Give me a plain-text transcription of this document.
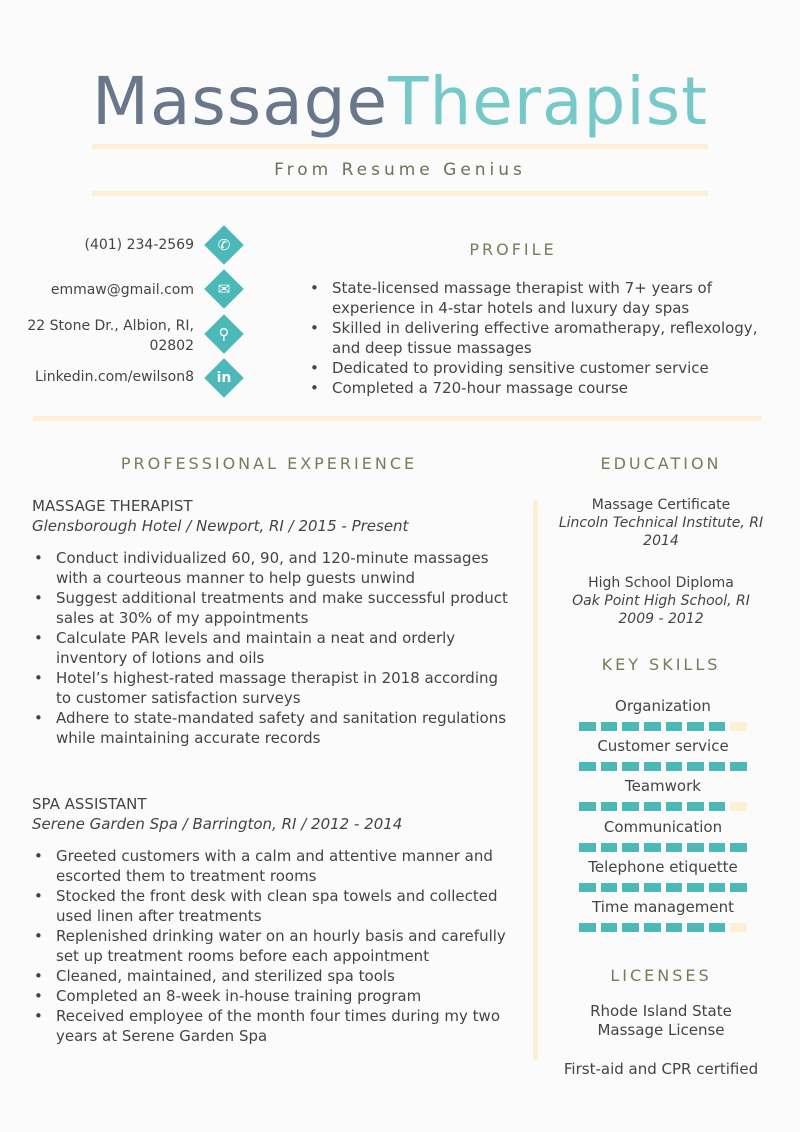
MassageTherapist
From Resume Genius
(401) 234-2569
emmaw@gmail.com
22 Stone Dr., Albion, RI,
02802
Linkedin.com/ewilson8
✆
✉
⚲
in
PROFILE
• State-licensed massage therapist with 7+ years of experience in 4-star hotels and luxury day spas
• Skilled in delivering effective aromatherapy, reflexology, and deep tissue massages
• Dedicated to providing sensitive customer service
• Completed a 720-hour massage course
PROFESSIONAL EXPERIENCE
MASSAGE THERAPIST
Glensborough Hotel / Newport, RI / 2015 - Present
• Conduct individualized 60, 90, and 120-minute massages with a courteous manner to help guests unwind
• Suggest additional treatments and make successful product sales at 30% of my appointments
• Calculate PAR levels and maintain a neat and orderly inventory of lotions and oils
• Hotel’s highest-rated massage therapist in 2018 according to customer satisfaction surveys
• Adhere to state-mandated safety and sanitation regulations while maintaining accurate records
SPA ASSISTANT
Serene Garden Spa / Barrington, RI / 2012 - 2014
• Greeted customers with a calm and attentive manner and escorted them to treatment rooms
• Stocked the front desk with clean spa towels and collected used linen after treatments
• Replenished drinking water on an hourly basis and carefully set up treatment rooms before each appointment
• Cleaned, maintained, and sterilized spa tools
• Completed an 8-week in-house training program
• Received employee of the month four times during my two years at Serene Garden Spa
EDUCATION
Massage Certificate
Lincoln Technical Institute, RI
2014
High School Diploma
Oak Point High School, RI
2009 - 2012
KEY SKILLS
Organization
Customer service
Teamwork
Communication
Telephone etiquette
Time management
LICENSES
Rhode Island State Massage License
First-aid and CPR certified
